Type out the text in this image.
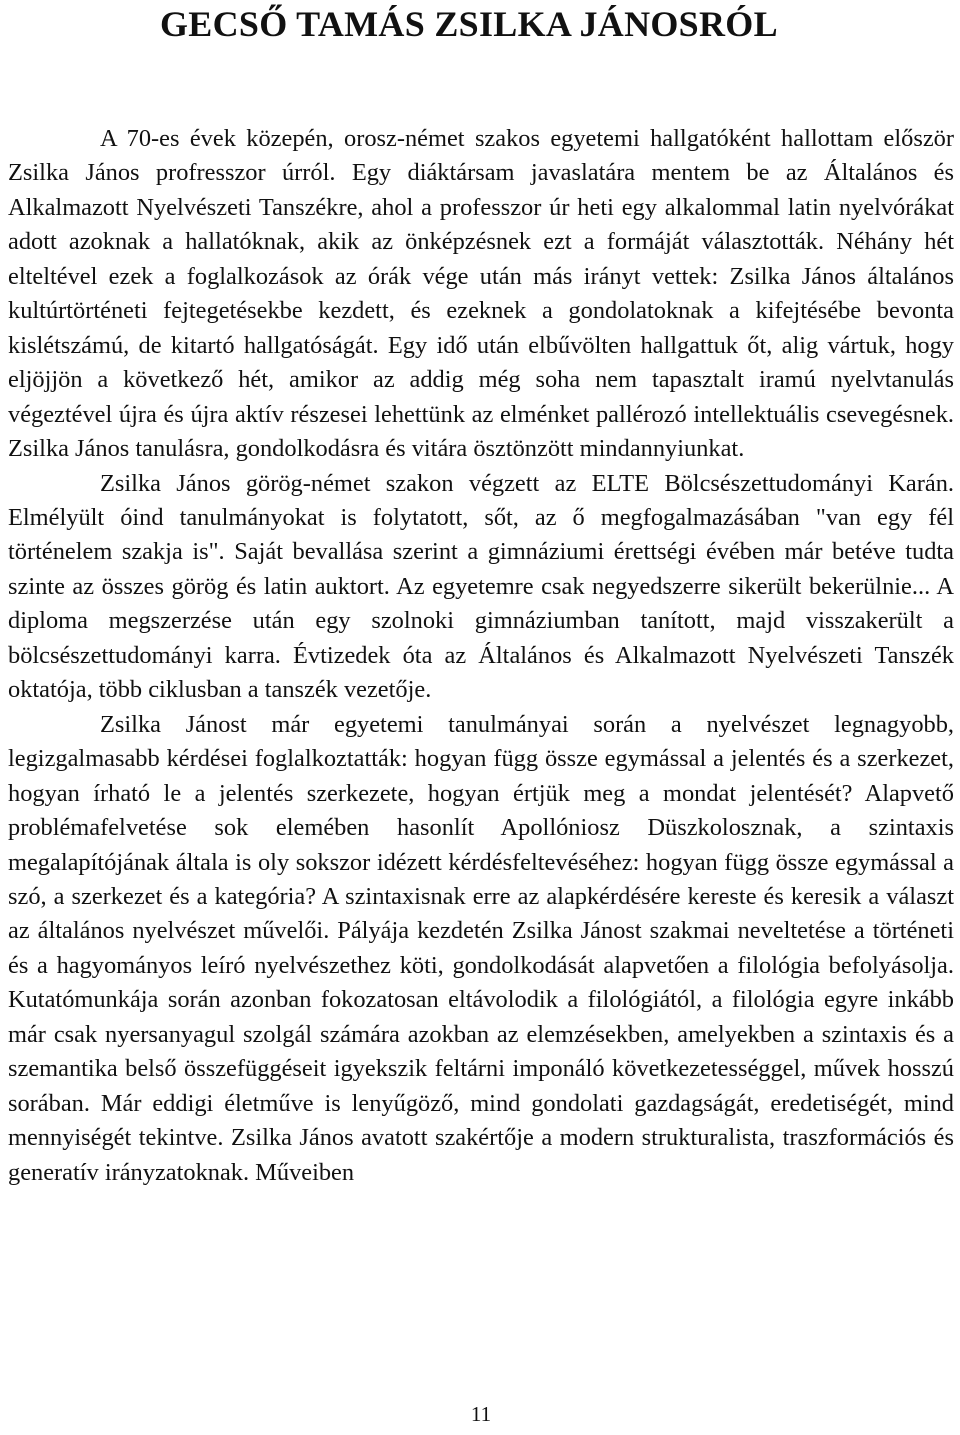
GECSŐ TAMÁS ZSILKA JÁNOSRÓL

A 70-es évek közepén, orosz-német szakos egyetemi hallgatóként hallottam először Zsilka János profresszor úrról. Egy diáktársam javaslatára mentem be az Általános és Alkalmazott Nyelvészeti Tanszékre, ahol a professzor úr heti egy alkalommal latin nyelvórákat adott azoknak a hallatóknak, akik az önképzésnek ezt a formáját választották. Néhány hét elteltével ezek a foglalkozások az órák vége után más irányt vettek: Zsilka János általános kultúrtörténeti fejtegetésekbe kezdett, és ezeknek a gondolatoknak a kifejtésébe bevonta kislétszámú, de kitartó hallgatóságát. Egy idő után elbűvölten hallgattuk őt, alig vártuk, hogy eljöjjön a következő hét, amikor az addig még soha nem tapasztalt iramú nyelvtanulás végeztével újra és újra aktív részesei lehettünk az elménket pallérozó intellektuális csevegésnek. Zsilka János tanulásra, gondolkodásra és vitára ösztönzött mindannyiunkat.

Zsilka János görög-német szakon végzett az ELTE Bölcsészettudományi Karán. Elmélyült óind tanulmányokat is folytatott, sőt, az ő megfogalmazásában "van egy fél történelem szakja is". Saját bevallása szerint a gimnáziumi érettségi évében már betéve tudta szinte az összes görög és latin auktort. Az egyetemre csak negyedszerre sikerült bekerülnie... A diploma megszerzése után egy szolnoki gimnáziumban tanított, majd visszakerült a bölcsészettudományi karra. Évtizedek óta az Általános és Alkalmazott Nyelvészeti Tanszék oktatója, több ciklusban a tanszék vezetője.

Zsilka Jánost már egyetemi tanulmányai során a nyelvészet legnagyobb, legizgalmasabb kérdései foglalkoztatták: hogyan függ össze egymással a jelentés és a szerkezet, hogyan írható le a jelentés szerkezete, hogyan értjük meg a mondat jelentését? Alapvető problémafelvetése sok elemében hasonlít Apollóniosz Düszkolosznak, a szintaxis megalapítójának általa is oly sokszor idézett kérdésfeltevéséhez: hogyan függ össze egymással a szó, a szerkezet és a kategória? A szintaxisnak erre az alapkérdésére kereste és keresik a választ az általános nyelvészet művelői. Pályája kezdetén Zsilka Jánost szakmai neveltetése a történeti és a hagyományos leíró nyelvészethez köti, gondolkodását alapvetően a filológia befolyásolja. Kutatómunkája során azonban fokozatosan eltávolodik a filológiától, a filológia egyre inkább már csak nyersanyagul szolgál számára azokban az elemzésekben, amelyekben a szintaxis és a szemantika belső összefüggéseit igyekszik feltárni imponáló következetességgel, művek hosszú sorában. Már eddigi életműve is lenyűgöző, mind gondolati gazdagságát, eredetiségét, mind mennyiségét tekintve. Zsilka János avatott szakértője a modern strukturalista, traszformációs és generatív irányzatoknak. Műveiben

11
